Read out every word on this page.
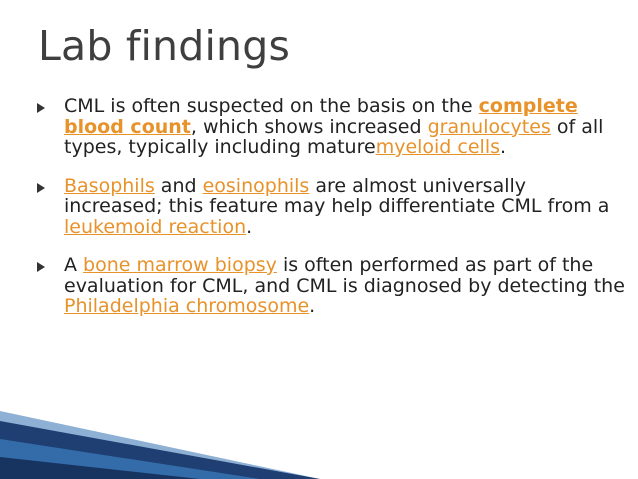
Lab findings
CML is often suspected on the basis on the complete blood count, which shows increased granulocytes of all types, typically including maturemyeloid cells.
Basophils and eosinophils are almost universally increased; this feature may help differentiate CML from a leukemoid reaction.
A bone marrow biopsy is often performed as part of the evaluation for CML, and CML is diagnosed by detecting the Philadelphia chromosome.
